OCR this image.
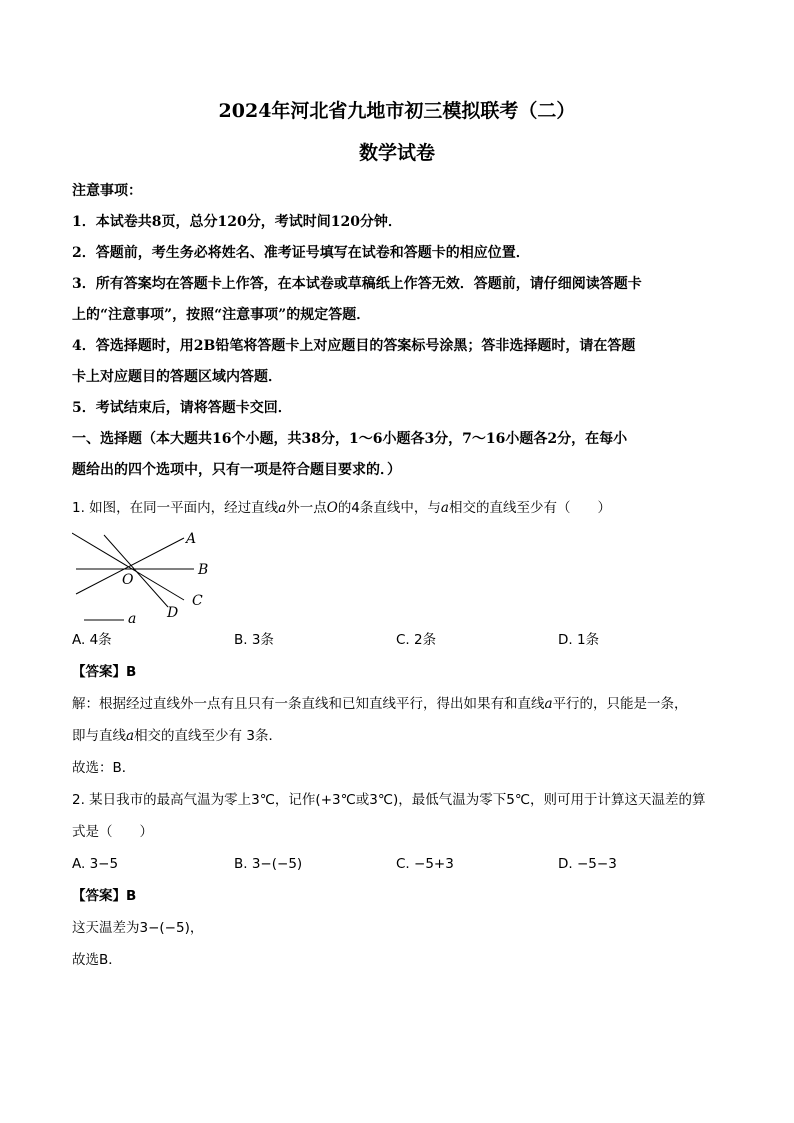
2024年河北省九地市初三模拟联考（二）
数学试卷

注意事项：

1．本试卷共8页，总分120分，考试时间120分钟．

2．答题前，考生务必将姓名、准考证号填写在试卷和答题卡的相应位置．

3．所有答案均在答题卡上作答，在本试卷或草稿纸上作答无效．答题前，请仔细阅读答题卡

上的“注意事项”，按照“注意事项”的规定答题．

4．答选择题时，用2B铅笔将答题卡上对应题目的答案标号涂黑；答非选择题时，请在答题

卡上对应题目的答题区域内答题．

5．考试结束后，请将答题卡交回．

一、选择题（本大题共16个小题，共38分，1～6小题各3分，7～16小题各2分，在每小

题给出的四个选项中，只有一项是符合题目要求的．）

1. 如图，在同一平面内，经过直线a外一点O的4条直线中，与a相交的直线至少有（　　）

A
B
C
D
O
a
A. 4条	B. 3条	C. 2条	D. 1条

【答案】B

解：根据经过直线外一点有且只有一条直线和已知直线平行，得出如果有和直线a平行的，只能是一条，

即与直线a相交的直线至少有 3条．

故选：B．

2. 某日我市的最高气温为零上3℃，记作(+3℃或3℃)，最低气温为零下5℃，则可用于计算这天温差的算

式是（　　）

A. 3−5	B. 3−(−5)	C. −5+3	D. −5−3

【答案】B

这天温差为3−(−5)，

故选B．
